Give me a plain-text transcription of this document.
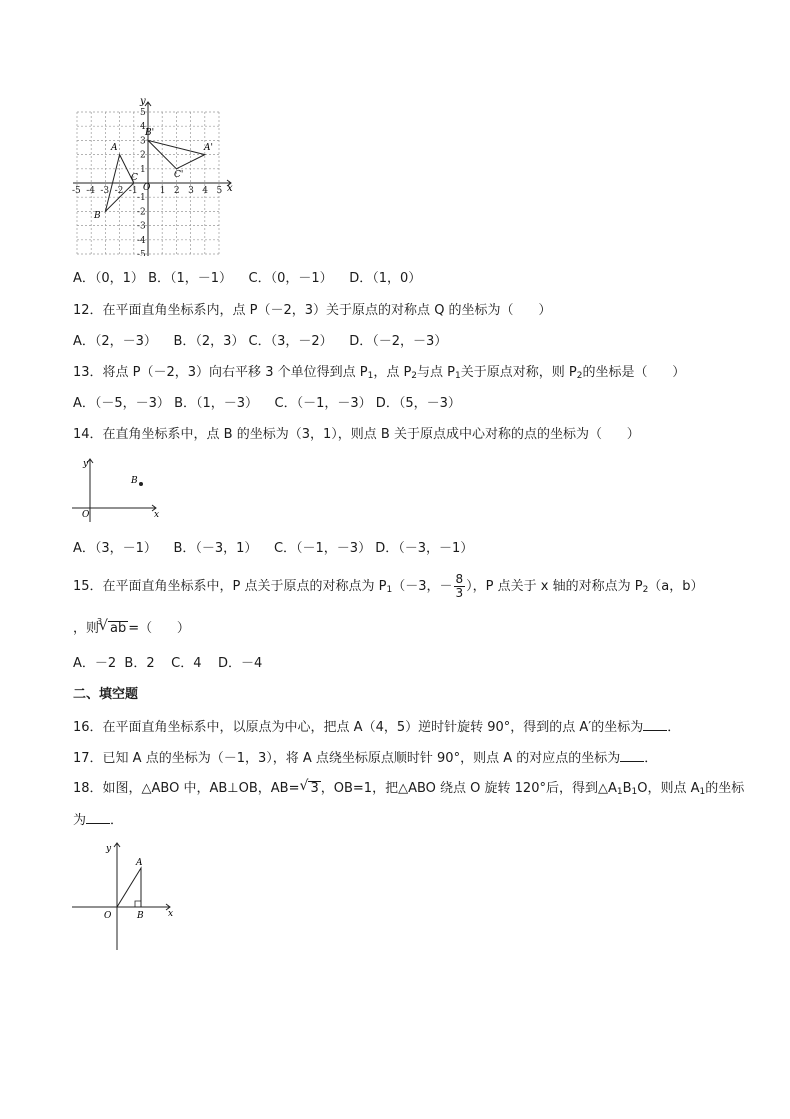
-5 -4 -3 -2 -1 1 2 3 4 5
5
4
3
2
1
-1
-2
-3
-4
-5
x
y
O
A
B
C
A'
B'
C'
A．（0，1） B．（1，－1）    C．（0，－1）    D．（1，0）
12．在平面直角坐标系内，点 P（－2，3）关于原点的对称点 Q 的坐标为（      ）
A．（2，－3）    B．（2，3） C．（3，－2）    D．（－2，－3）
13．将点 P（－2，3）向右平移 3 个单位得到点 $P_1$，点 $P_2$与点 $P_1$关于原点对称，则 $P_2$的坐标是（      ）
A．（－5，－3） B．（1，－3）    C．（－1，－3） D．（5，－3）
14．在直角坐标系中，点 B 的坐标为（3，1），则点 B 关于原点成中心对称的点的坐标为（      ）
x
y
O
B
A．（3，－1）    B．（－3，1）    C．（－1，－3） D．（－3，－1）
15．在平面直角坐标系中，P 点关于原点的对称点为 $P_1(-3$，－ $\frac{8}{3}$ ），P 点关于 x 轴的对称点为 $P_2(a$，b）
，则
√ 3 ab =（      ）
A．－2  B．2    C．4    D．－4
二、填空题
16．在平面直角坐标系中，以原点为中心，把点 A（4，5）逆时针旋转 90°，得到的点 A′的坐标为 ．
17．已知 A 点的坐标为（－1，3），将 A 点绕坐标原点顺时针 90°，则点 A 的对应点的坐标为 ．
18．如图，△ABO 中，AB⊥OB，AB=√ 3 ，OB=1，把△ABO 绕点 O 旋转 120°后，得到$\triangle A_1B_1O$，则点 $A_1$的坐标
为 ．
x
y
O
A
B
